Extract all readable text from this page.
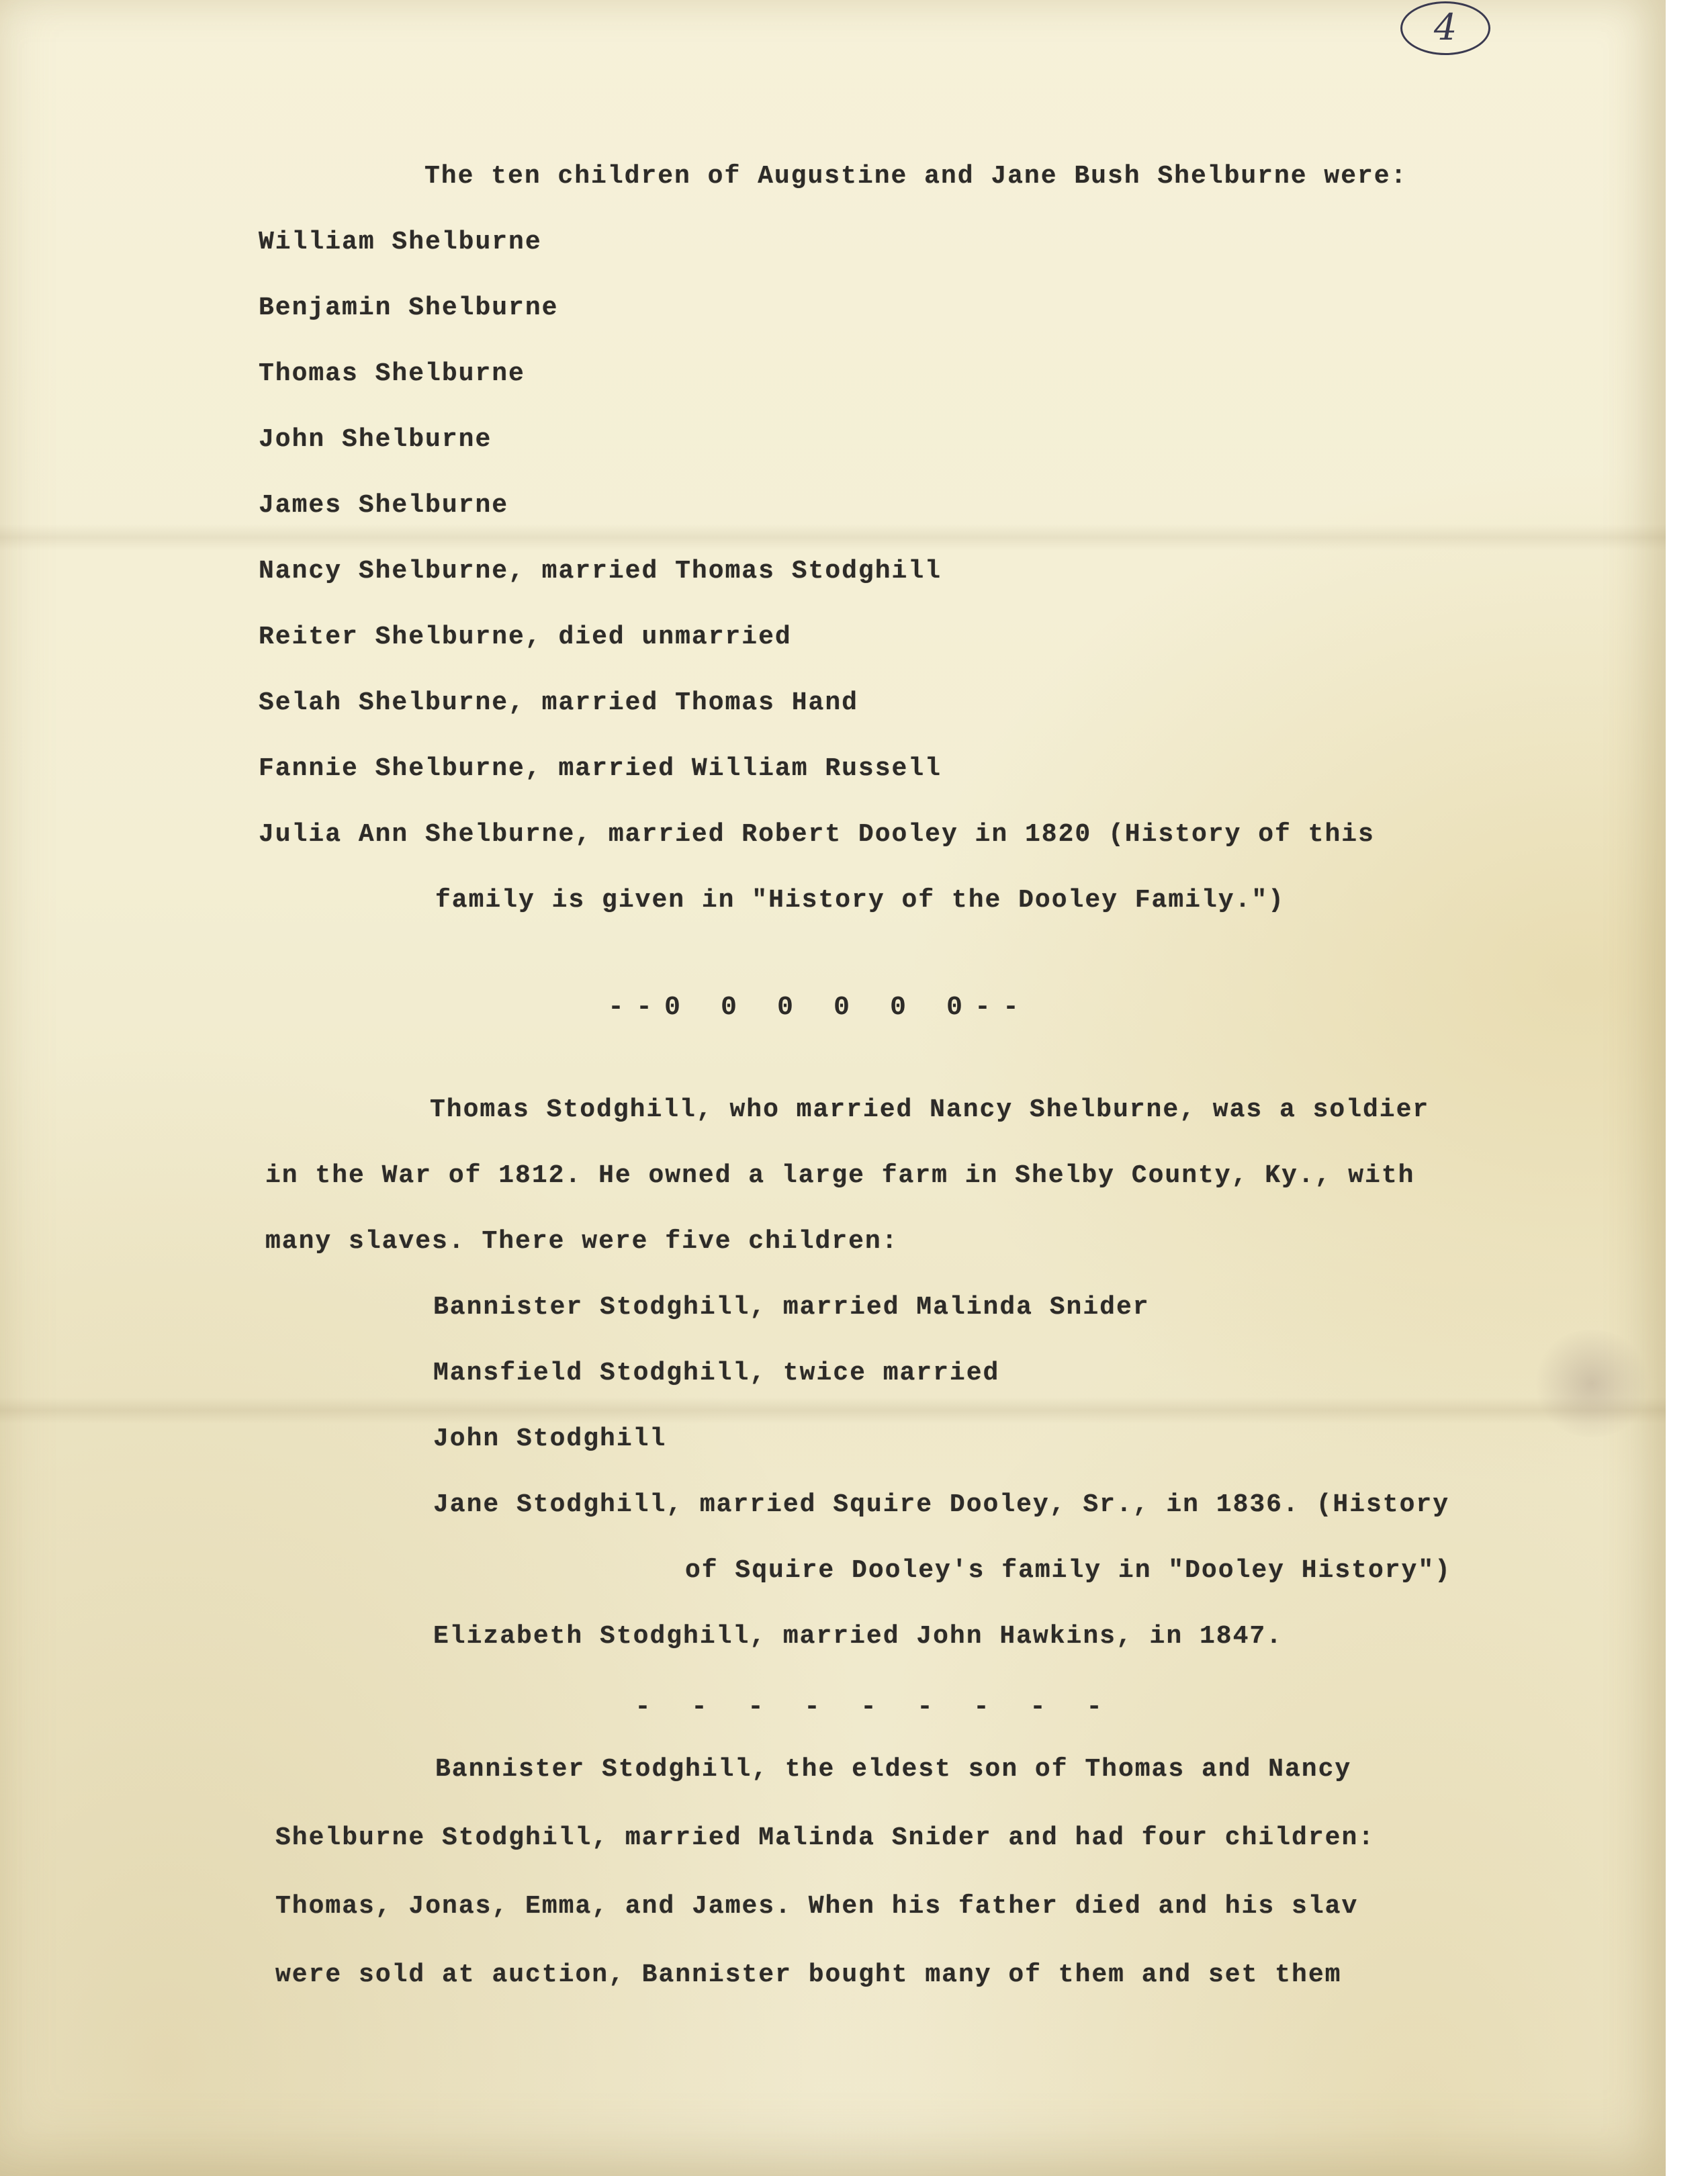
4
The ten children of Augustine and Jane Bush Shelburne were:
William Shelburne
Benjamin Shelburne
Thomas Shelburne
John Shelburne
James Shelburne
Nancy Shelburne, married Thomas Stodghill
Reiter Shelburne, died unmarried
Selah Shelburne, married Thomas Hand
Fannie Shelburne, married William Russell
Julia Ann Shelburne, married Robert Dooley in 1820 (History of this
family is given in "History of the Dooley Family.")
--0 0 0 0 0 0--
Thomas Stodghill, who married Nancy Shelburne, was a soldier
in the War of 1812. He owned a large farm in Shelby County, Ky., with
many slaves. There were five children:
Bannister Stodghill, married Malinda Snider
Mansfield Stodghill, twice married
John Stodghill
Jane Stodghill, married Squire Dooley, Sr., in 1836. (History
of Squire Dooley's family in "Dooley History")
Elizabeth Stodghill, married John Hawkins, in 1847.
- - - - - - - - -
Bannister Stodghill, the eldest son of Thomas and Nancy
Shelburne Stodghill, married Malinda Snider and had four children:
Thomas, Jonas, Emma, and James. When his father died and his slav
were sold at auction, Bannister bought many of them and set them
